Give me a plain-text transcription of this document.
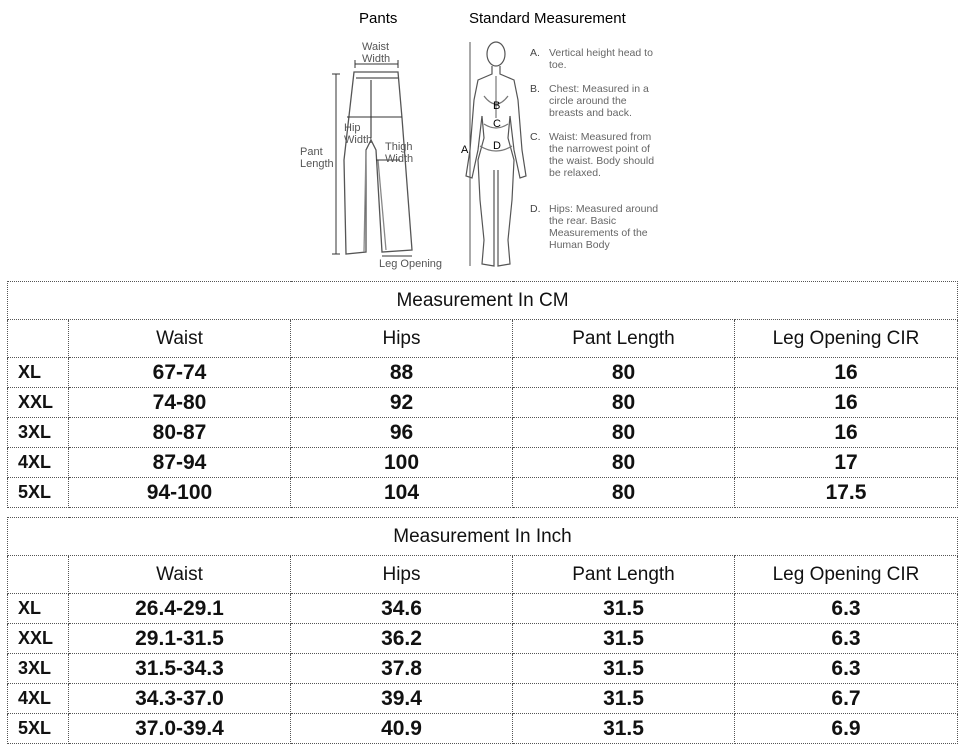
Pants	Standard Measurement
Waist
Width
Hip
Width
Pant
Length
Thigh
Width
Leg Opening
A
B
C
D
A. Vertical height head to toe.
B. Chest: Measured in a circle around the breasts and back.
C. Waist: Measured from the narrowest point of the waist. Body should be relaxed.
D. Hips: Measured around the rear. Basic Measurements of the Human Body
Measurement In CM				
	Waist	Hips	Pant Length	Leg Opening CIR
XL	67-74	88	80	16
XXL	74-80	92	80	16
3XL	80-87	96	80	16
4XL	87-94	100	80	17
5XL	94-100	104	80	17.5
Measurement In Inch				
	Waist	Hips	Pant Length	Leg Opening CIR
XL	26.4-29.1	34.6	31.5	6.3
XXL	29.1-31.5	36.2	31.5	6.3
3XL	31.5-34.3	37.8	31.5	6.3
4XL	34.3-37.0	39.4	31.5	6.7
5XL	37.0-39.4	40.9	31.5	6.9
